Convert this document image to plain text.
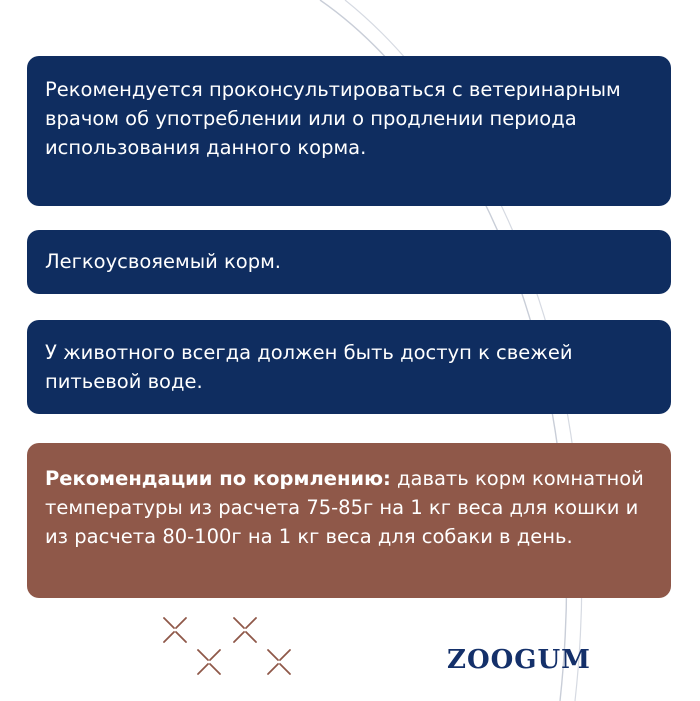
Рекомендуется проконсультироваться с ветеринарным врачом об употреблении или о продлении периода использования данного корма.

Легкоусвояемый корм.

У животного всегда должен быть доступ к свежей питьевой воде.

Рекомендации по кормлению: давать корм комнатной температуры из расчета 75-85г на 1 кг веса для кошки и из расчета 80-100г на 1 кг веса для собаки в день.

ZOOGUM
